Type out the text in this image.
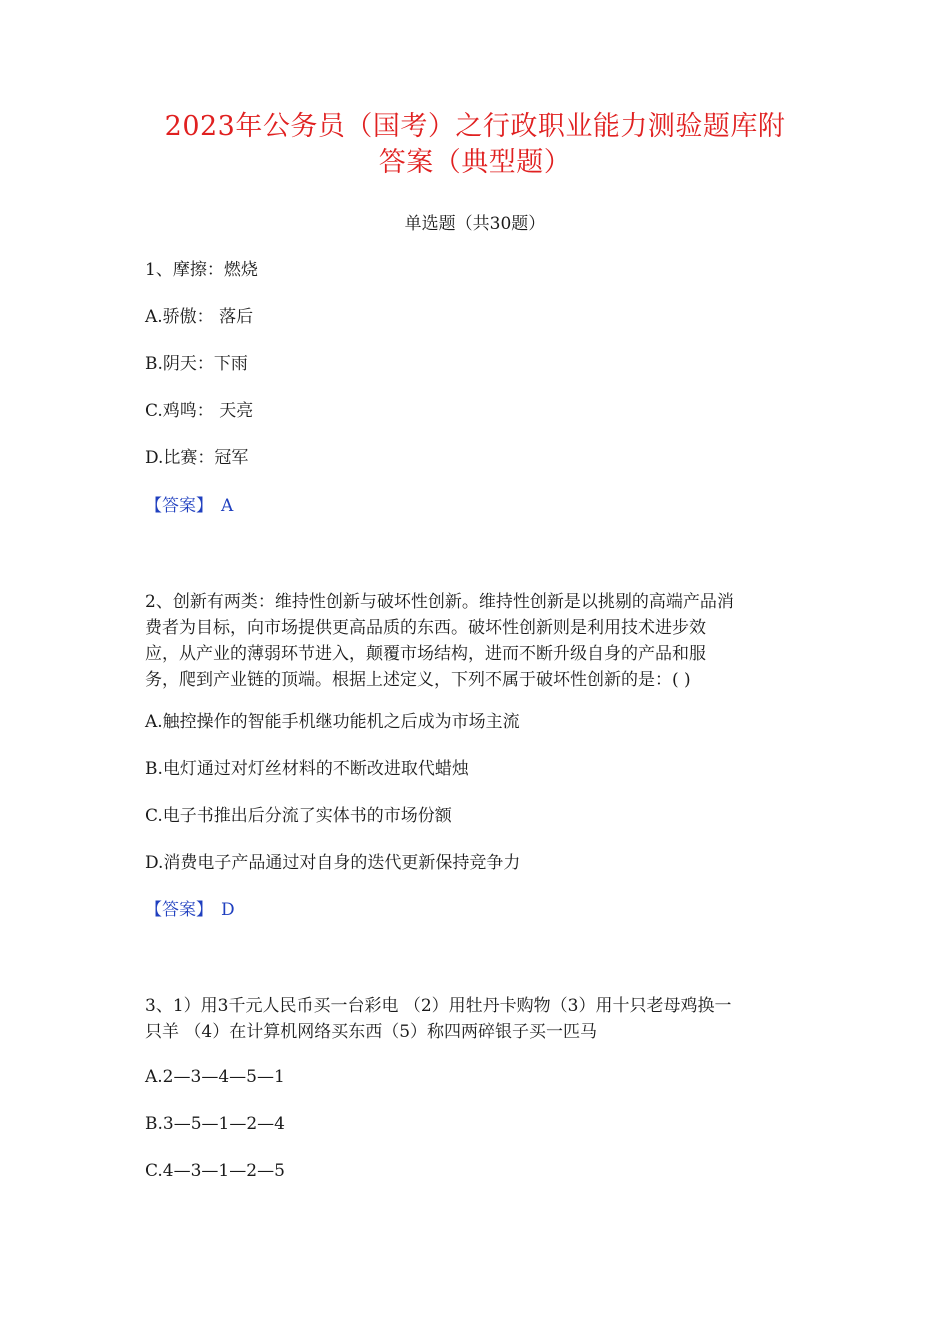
2023年公务员（国考）之行政职业能力测验题库附
答案（典型题）
单选题（共30题）
1、摩擦：燃烧
A.骄傲： 落后
B.阴天：下雨
C.鸡鸣： 天亮
D.比赛：冠军
【答案】 A
2、创新有两类：维持性创新与破坏性创新。维持性创新是以挑剔的高端产品消
费者为目标，向市场提供更高品质的东西。破坏性创新则是利用技术进步效
应，从产业的薄弱环节进入，颠覆市场结构，进而不断升级自身的产品和服
务，爬到产业链的顶端。根据上述定义，下列不属于破坏性创新的是：( )
A.触控操作的智能手机继功能机之后成为市场主流
B.电灯通过对灯丝材料的不断改进取代蜡烛
C.电子书推出后分流了实体书的市场份额
D.消费电子产品通过对自身的迭代更新保持竞争力
【答案】 D
3、1）用3千元人民币买一台彩电 （2）用牡丹卡购物（3）用十只老母鸡换一
只羊 （4）在计算机网络买东西（5）称四两碎银子买一匹马
A.2—3—4—5—1
B.3—5—1—2—4
C.4—3—1—2—5
